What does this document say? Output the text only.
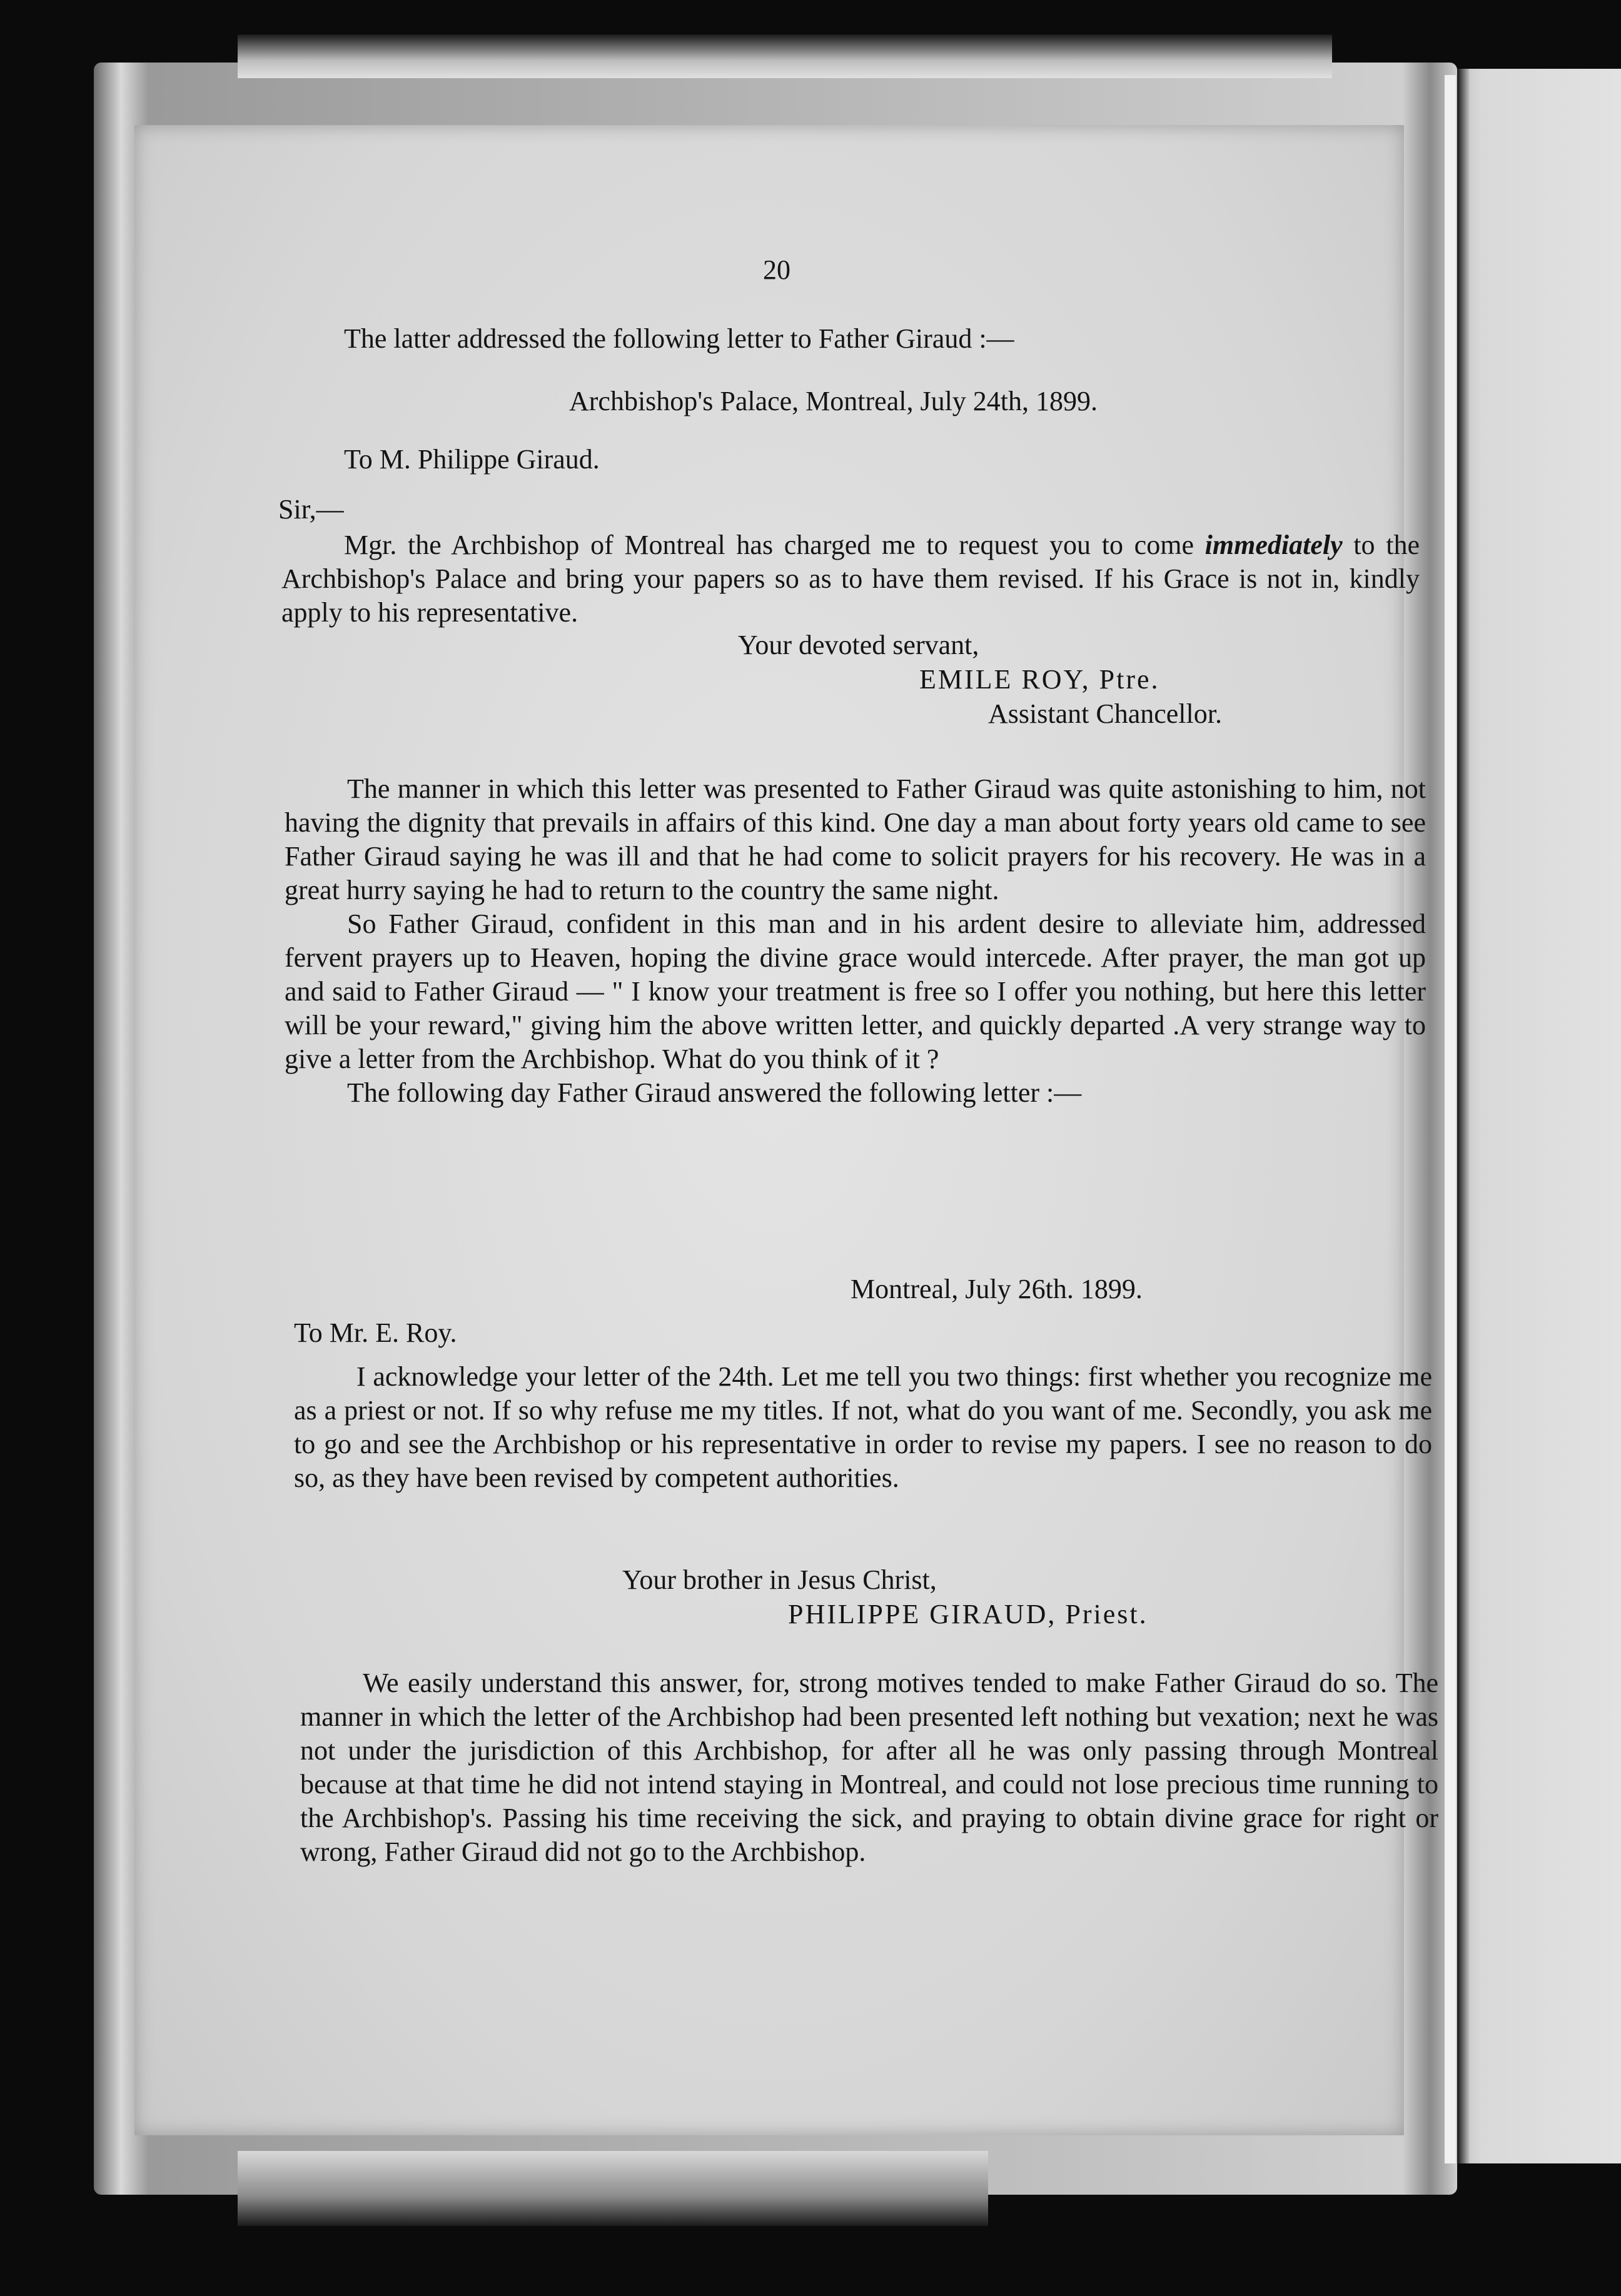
20
The latter addressed the following letter to Father Giraud :—
Archbishop's Palace, Montreal, July 24th, 1899.
To M. Philippe Giraud.
Sir,—

Mgr. the Archbishop of Montreal has charged me to request you to come immediately to the Archbishop's Palace and bring your papers so as to have them revised. If his Grace is not in, kindly apply to his representative.

Your devoted servant,
EMILE ROY, Ptre.
Assistant Chancellor.

The manner in which this letter was presented to Father Giraud was quite astonishing to him, not having the dignity that prevails in affairs of this kind. One day a man about forty years old came to see Father Giraud saying he was ill and that he had come to solicit prayers for his recovery. He was in a great hurry saying he had to return to the country the same night.

So Father Giraud, confident in this man and in his ardent desire to alleviate him, addressed fervent prayers up to Heaven, hoping the divine grace would intercede. After prayer, the man got up and said to Father Giraud — " I know your treatment is free so I offer you nothing, but here this letter will be your reward," giving him the above written letter, and quickly departed .A very strange way to give a letter from the Archbishop. What do you think of it ?

The following day Father Giraud answered the following letter :—

Montreal, July 26th. 1899.
To Mr. E. Roy.

I acknowledge your letter of the 24th. Let me tell you two things: first whether you recognize me as a priest or not. If so why refuse me my titles. If not, what do you want of me. Secondly, you ask me to go and see the Archbishop or his representative in order to revise my papers. I see no reason to do so, as they have been revised by competent authorities.

Your brother in Jesus Christ,
PHILIPPE GIRAUD, Priest.

We easily understand this answer, for, strong motives tended to make Father Giraud do so. The manner in which the letter of the Archbishop had been presented left nothing but vexation; next he was not under the jurisdiction of this Archbishop, for after all he was only passing through Montreal because at that time he did not intend staying in Montreal, and could not lose precious time running to the Archbishop's. Passing his time receiving the sick, and praying to obtain divine grace for right or wrong, Father Giraud did not go to the Archbishop.
